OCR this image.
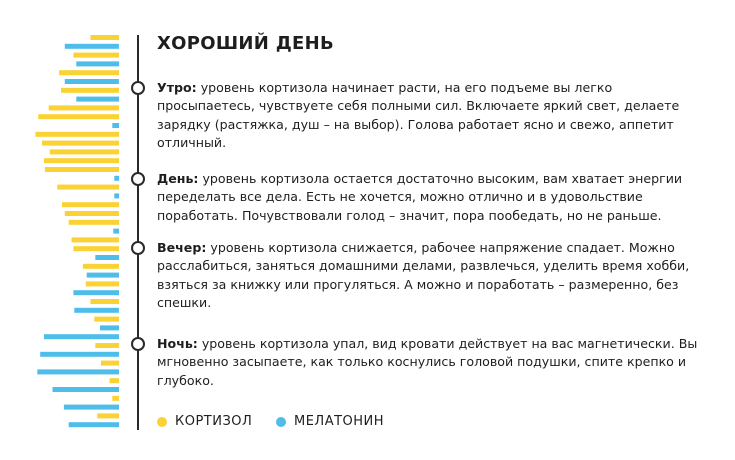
ХОРОШИЙ ДЕНЬ
Утро: уровень кортизола начинает расти, на его подъеме вы легко просыпаетесь, чувствуете себя полными сил. Включаете яркий свет, делаете зарядку (растяжка, душ – на выбор). Голова работает ясно и свежо, аппетит отличный.
День: уровень кортизола остается достаточно высоким, вам хватает энергии переделать все дела. Есть не хочется, можно отлично и в удовольствие поработать. Почувствовали голод – значит, пора пообедать, но не раньше.
Вечер: уровень кортизола снижается, рабочее напряжение спадает. Можно расслабиться, заняться домашними делами, развлечься, уделить время хобби, взяться за книжку или прогуляться. А можно и поработать – размеренно, без спешки.
Ночь: уровень кортизола упал, вид кровати действует на вас магнетически. Вы мгновенно засыпаете, как только коснулись головой подушки, спите крепко и глубоко.
КОРТИЗОЛ	МЕЛАТОНИН
